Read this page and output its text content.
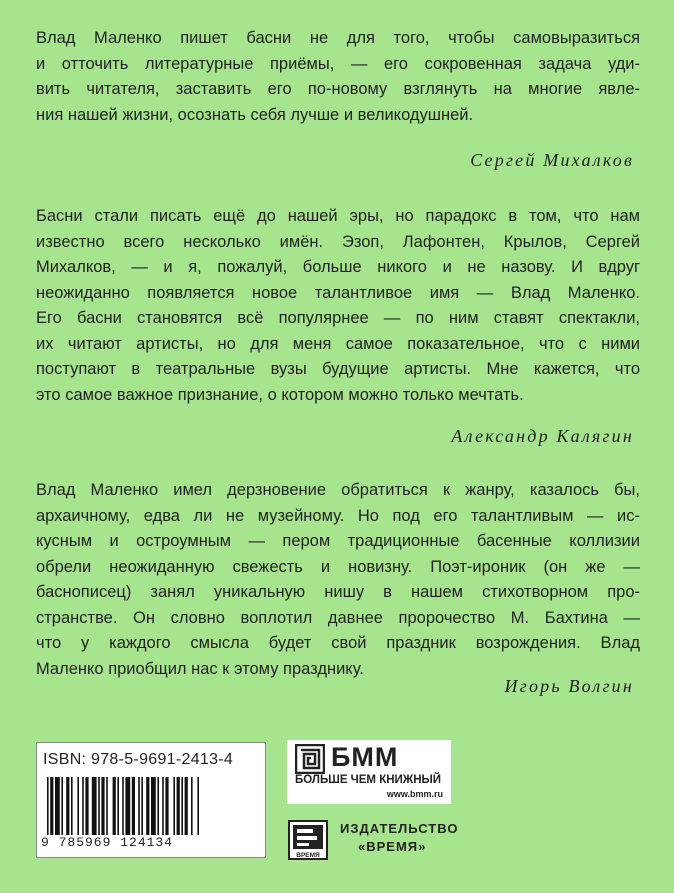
Влад Маленко пишет басни не для того, чтобы самовыразиться
и отточить литературные приёмы, — его сокровенная задача уди-
вить читателя, заставить его по-новому взглянуть на многие явле-
ния нашей жизни, осознать себя лучше и великодушней.
Сергей Михалков
Басни стали писать ещё до нашей эры, но парадокс в том, что нам
известно всего несколько имён. Эзоп, Лафонтен, Крылов, Сергей
Михалков, — и я, пожалуй, больше никого и не назову. И вдруг
неожиданно появляется новое талантливое имя — Влад Маленко.
Его басни становятся всё популярнее — по ним ставят спектакли,
их читают артисты, но для меня самое показательное, что с ними
поступают в театральные вузы будущие артисты. Мне кажется, что
это самое важное признание, о котором можно только мечтать.
Александр Калягин
Влад Маленко имел дерзновение обратиться к жанру, казалось бы,
архаичному, едва ли не музейному. Но под его талантливым — ис-
кусным и остроумным — пером традиционные басенные коллизии
обрели неожиданную свежесть и новизну. Поэт-ироник (он же —
баснописец) занял уникальную нишу в нашем стихотворном про-
странстве. Он словно воплотил давнее пророчество М. Бахтина —
что у каждого смысла будет свой праздник возрождения. Влад
Маленко приобщил нас к этому празднику.
Игорь Волгин
ISBN: 978-5-9691-2413-4
9 785969 124134
БММ
БОЛЬШЕ ЧЕМ КНИЖНЫЙ
www.bmm.ru
ВРЕМЯ
ИЗДАТЕЛЬСТВО
«ВРЕМЯ»
